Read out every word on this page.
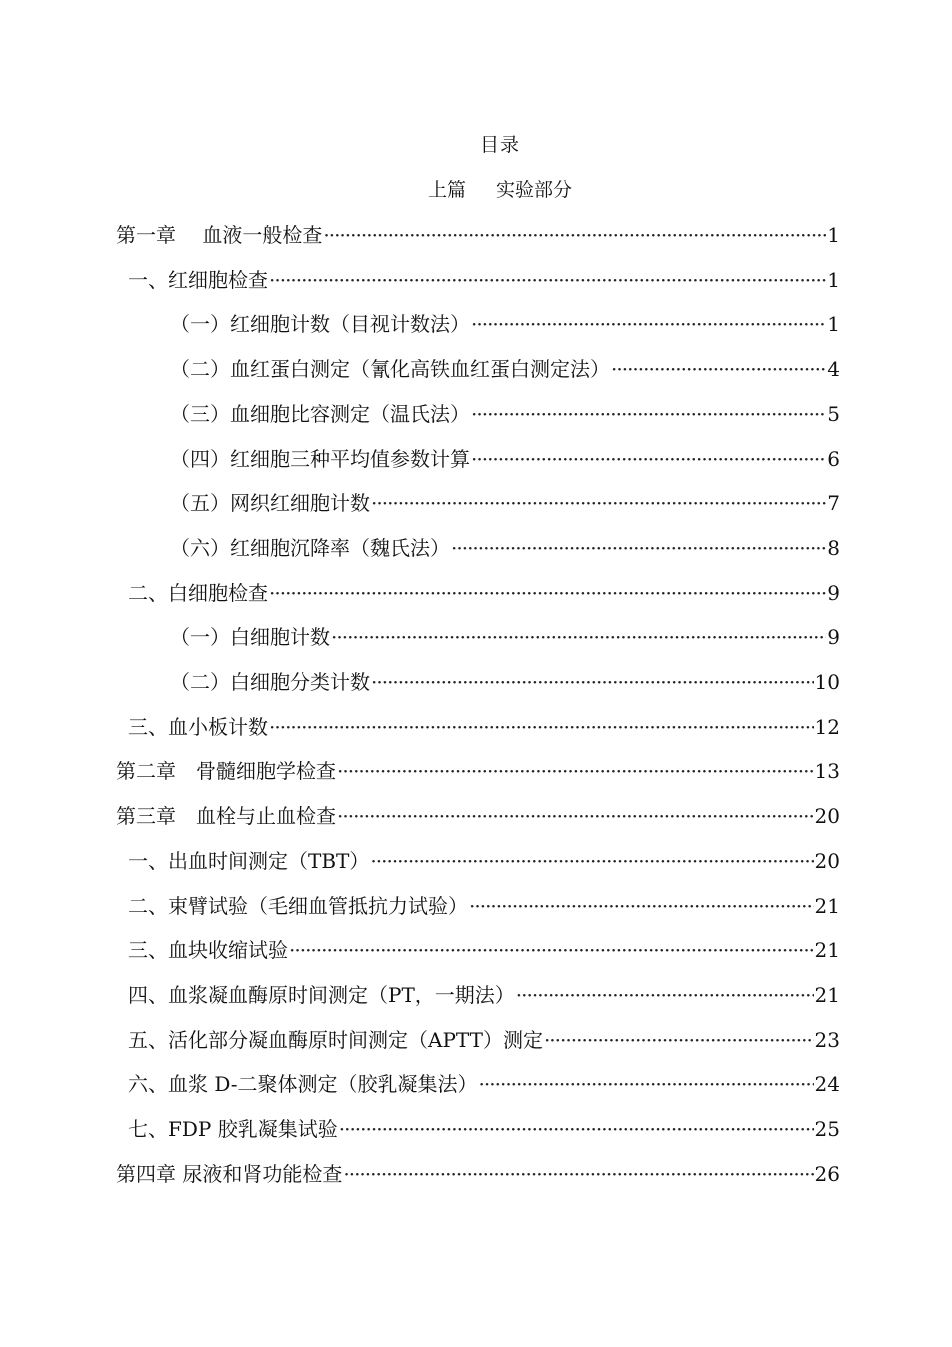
目录
上篇 实验部分
第一章　 血液一般检查 ·····	1
一、红细胞检查 ·····	1
（一）红细胞计数（目视计数法） ·····	1
（二）血红蛋白测定（氰化高铁血红蛋白测定法） ·····	4
（三）血细胞比容测定（温氏法） ·····	5
（四）红细胞三种平均值参数计算 ·····	6
（五）网织红细胞计数 ·····	7
（六）红细胞沉降率（魏氏法） ·····	8
二、白细胞检查 ·····	9
（一）白细胞计数 ·····	9
（二）白细胞分类计数 ·····	10
三、血小板计数 ·····	12
第二章　骨髓细胞学检查 ·····	13
第三章　血栓与止血检查 ·····	20
一、出血时间测定（TBT） ·····	20
二、束臂试验（毛细血管抵抗力试验） ·····	21
三、血块收缩试验 ·····	21
四、血浆凝血酶原时间测定（PT，一期法） ·····	21
五、活化部分凝血酶原时间测定（APTT）测定 ·····	23
六、血浆 D-二聚体测定（胶乳凝集法） ·····	24
七、FDP 胶乳凝集试验 ·····	25
第四章 尿液和肾功能检查 ·····	26
